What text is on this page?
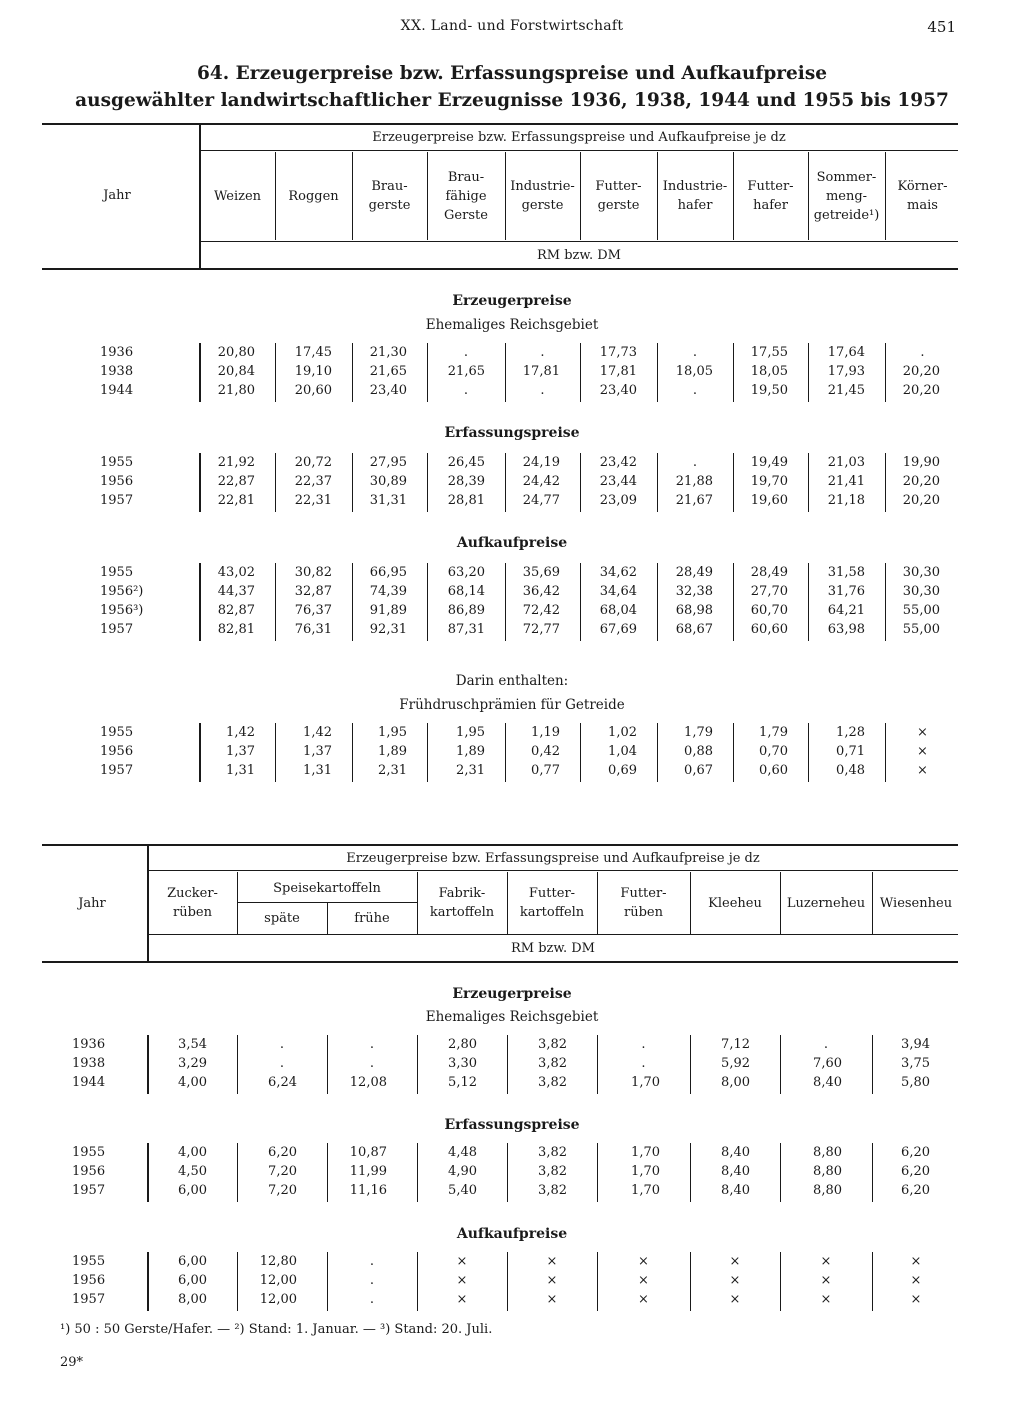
XX. Land- und Forstwirtschaft	451
64. Erzeugerpreise bzw. Erfassungspreise und Aufkaufpreise
ausgewählter landwirtschaftlicher Erzeugnisse 1936, 1938, 1944 und 1955 bis 1957
Jahr
Erzeugerpreise bzw. Erfassungspreise und Aufkaufpreise je dz
RM bzw. DM
Weizen	Roggen
Brau-
gerste
Brau-
fähige
Gerste
Industrie-
gerste
Futter-
gerste
Industrie-
hafer
Futter-
hafer
Sommer-
meng-
getreide¹)
Körner-
mais
Erzeugerpreise
Ehemaliges Reichsgebiet
1936	20,80	17,45	21,30	.	.	17,73	.	17,55	17,64	.
1938	20,84	19,10	21,65	21,65	17,81	17,81	18,05	18,05	17,93	20,20
1944	21,80	20,60	23,40	.	.	23,40	.	19,50	21,45	20,20
Erfassungspreise
1955	21,92	20,72	27,95	26,45	24,19	23,42	.	19,49	21,03	19,90
1956	22,87	22,37	30,89	28,39	24,42	23,44	21,88	19,70	21,41	20,20
1957	22,81	22,31	31,31	28,81	24,77	23,09	21,67	19,60	21,18	20,20
Aufkaufpreise
1955	43,02	30,82	66,95	63,20	35,69	34,62	28,49	28,49	31,58	30,30
1956²)	44,37	32,87	74,39	68,14	36,42	34,64	32,38	27,70	31,76	30,30
1956³)	82,87	76,37	91,89	86,89	72,42	68,04	68,98	60,70	64,21	55,00
1957	82,81	76,31	92,31	87,31	72,77	67,69	68,67	60,60	63,98	55,00
Darin enthalten:
Frühdruschprämien für Getreide
1955	1,42	1,42	1,95	1,95	1,19	1,02	1,79	1,79	1,28	×
1956	1,37	1,37	1,89	1,89	0,42	1,04	0,88	0,70	0,71	×
1957	1,31	1,31	2,31	2,31	0,77	0,69	0,67	0,60	0,48	×
Jahr
Erzeugerpreise bzw. Erfassungspreise und Aufkaufpreise je dz
RM bzw. DM
Speisekartoffeln
Zucker-
rüben	späte	frühe
Fabrik-
kartoffeln
Futter-
kartoffeln
Futter-
rüben
Kleeheu	Luzerneheu	Wiesenheu
Erzeugerpreise
Ehemaliges Reichsgebiet
1936	3,54	.	.	2,80	3,82	.	7,12	.	3,94
1938	3,29	.	.	3,30	3,82	.	5,92	7,60	3,75
1944	4,00	6,24	12,08	5,12	3,82	1,70	8,00	8,40	5,80
Erfassungspreise
1955	4,00	6,20	10,87	4,48	3,82	1,70	8,40	8,80	6,20
1956	4,50	7,20	11,99	4,90	3,82	1,70	8,40	8,80	6,20
1957	6,00	7,20	11,16	5,40	3,82	1,70	8,40	8,80	6,20
Aufkaufpreise
1955	6,00	12,80	.	×	×	×	×	×	×
1956	6,00	12,00	.	×	×	×	×	×	×
1957	8,00	12,00	.	×	×	×	×	×	×
¹) 50 : 50 Gerste/Hafer. — ²) Stand: 1. Januar. — ³) Stand: 20. Juli.
29*
